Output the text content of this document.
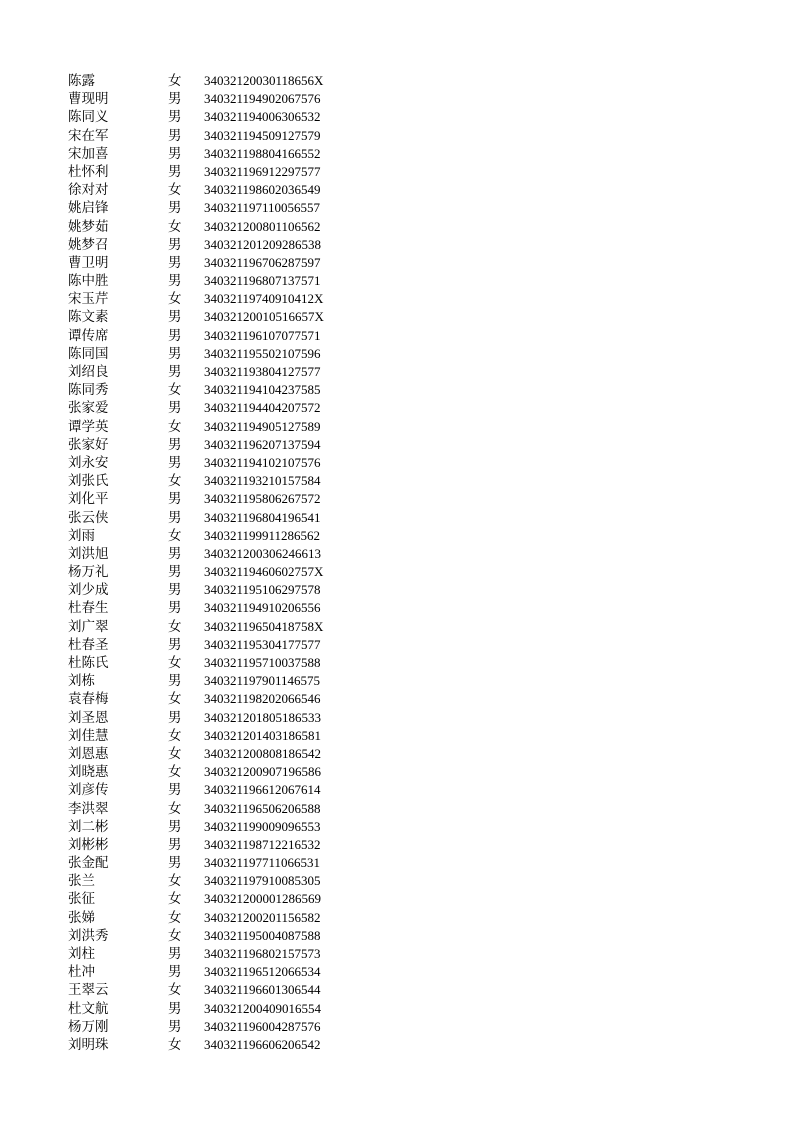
陈露	女	34032120030118656X
曹现明	男	340321194902067576
陈同义	男	340321194006306532
宋在军	男	340321194509127579
宋加喜	男	340321198804166552
杜怀利	男	340321196912297577
徐对对	女	340321198602036549
姚启锋	男	340321197110056557
姚梦茹	女	340321200801106562
姚梦召	男	340321201209286538
曹卫明	男	340321196706287597
陈中胜	男	340321196807137571
宋玉芹	女	34032119740910412X
陈文素	男	34032120010516657X
谭传席	男	340321196107077571
陈同国	男	340321195502107596
刘绍良	男	340321193804127577
陈同秀	女	340321194104237585
张家爱	男	340321194404207572
谭学英	女	340321194905127589
张家好	男	340321196207137594
刘永安	男	340321194102107576
刘张氏	女	340321193210157584
刘化平	男	340321195806267572
张云侠	男	340321196804196541
刘雨	女	340321199911286562
刘洪旭	男	340321200306246613
杨万礼	男	34032119460602757X
刘少成	男	340321195106297578
杜春生	男	340321194910206556
刘广翠	女	34032119650418758X
杜春圣	男	340321195304177577
杜陈氏	女	340321195710037588
刘栋	男	340321197901146575
袁春梅	女	340321198202066546
刘圣恩	男	340321201805186533
刘佳慧	女	340321201403186581
刘恩惠	女	340321200808186542
刘晓惠	女	340321200907196586
刘彦传	男	340321196612067614
李洪翠	女	340321196506206588
刘二彬	男	340321199009096553
刘彬彬	男	340321198712216532
张金配	男	340321197711066531
张兰	女	340321197910085305
张征	女	340321200001286569
张娣	女	340321200201156582
刘洪秀	女	340321195004087588
刘柱	男	340321196802157573
杜冲	男	340321196512066534
王翠云	女	340321196601306544
杜文航	男	340321200409016554
杨万刚	男	340321196004287576
刘明珠	女	340321196606206542
